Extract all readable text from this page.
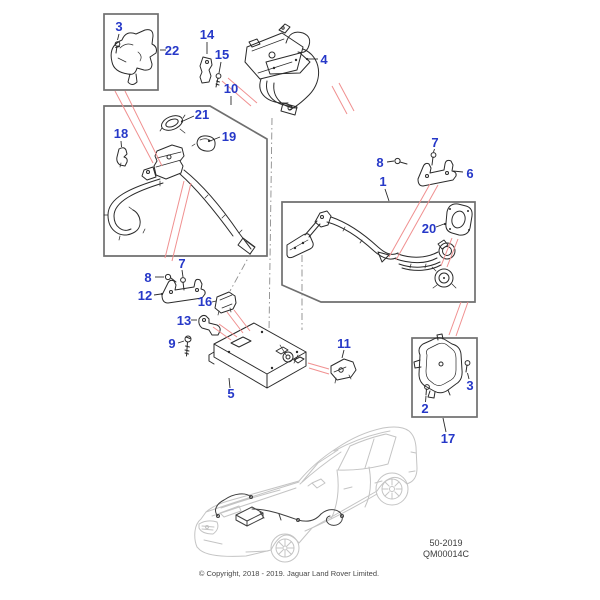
3
22
10
14
15	4
21
18	19
7
8
12
7
8
6
1
20
16
13
9
5
11
2
3
17
50-2019
QM00014C
© Copyright, 2018 - 2019. Jaguar Land Rover Limited.
